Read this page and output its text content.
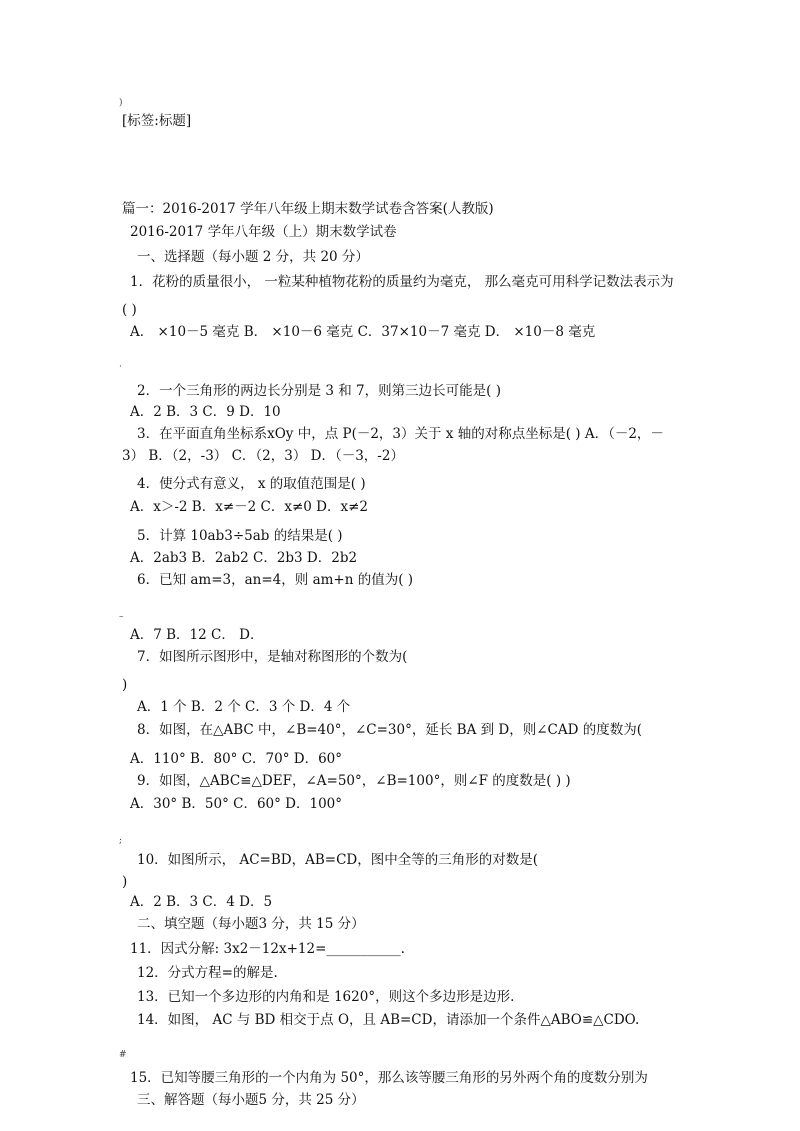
)
[标签:标题]
篇一：2016-2017 学年八年级上期末数学试卷含答案(人教版)
2016-2017 学年八年级（上）期末数学试卷
一、选择题（每小题 2 分，共 20 分）
1．花粉的质量很小， 一粒某种植物花粉的质量约为毫克， 那么毫克可用科学记数法表示为
( )
A． ×10－5 毫克 B． ×10－6 毫克 C．37×10－7 毫克 D． ×10－8 毫克
·
2．一个三角形的两边长分别是 3 和 7，则第三边长可能是( )
A．2 B．3 C．9 D．10
3．在平面直角坐标系xOy 中，点 P(－2，3）关于 x 轴的对称点坐标是( ) A．（－2，－
3） B．（2，-3） C．（2，3） D．（－3，-2）
4．使分式有意义， x 的取值范围是( )
A．x＞-2 B．x≠－2 C．x≠0 D．x≠2
5．计算 10ab3÷5ab 的结果是( )
A．2ab3 B．2ab2 C．2b3 D．2b2
6．已知 am=3，an=4，则 am+n 的值为( )
–
A．7 B．12 C． D．
7．如图所示图形中，是轴对称图形的个数为(
)
A．1 个 B．2 个 C．3 个 D．4 个
8．如图，在△ABC 中，∠B=40°，∠C=30°，延长 BA 到 D，则∠CAD 的度数为(
A．110° B．80° C．70° D．60°
9．如图，△ABC≌△DEF，∠A=50°，∠B=100°，则∠F 的度数是( ) )
A．30° B．50° C．60° D．100°
;
10．如图所示， AC=BD，AB=CD，图中全等的三角形的对数是(
)
A．2 B．3 C．4 D．5
二、填空题（每小题3 分，共 15 分）
11．因式分解: 3x2－12x+12=___________.
12．分式方程=的解是.
13．已知一个多边形的内角和是 1620°，则这个多边形是边形.
14．如图， AC 与 BD 相交于点 O，且 AB=CD，请添加一个条件△ABO≌△CDO.
#
15．已知等腰三角形的一个内角为 50°，那么该等腰三角形的另外两个角的度数分别为
三、解答题（每小题5 分，共 25 分）
